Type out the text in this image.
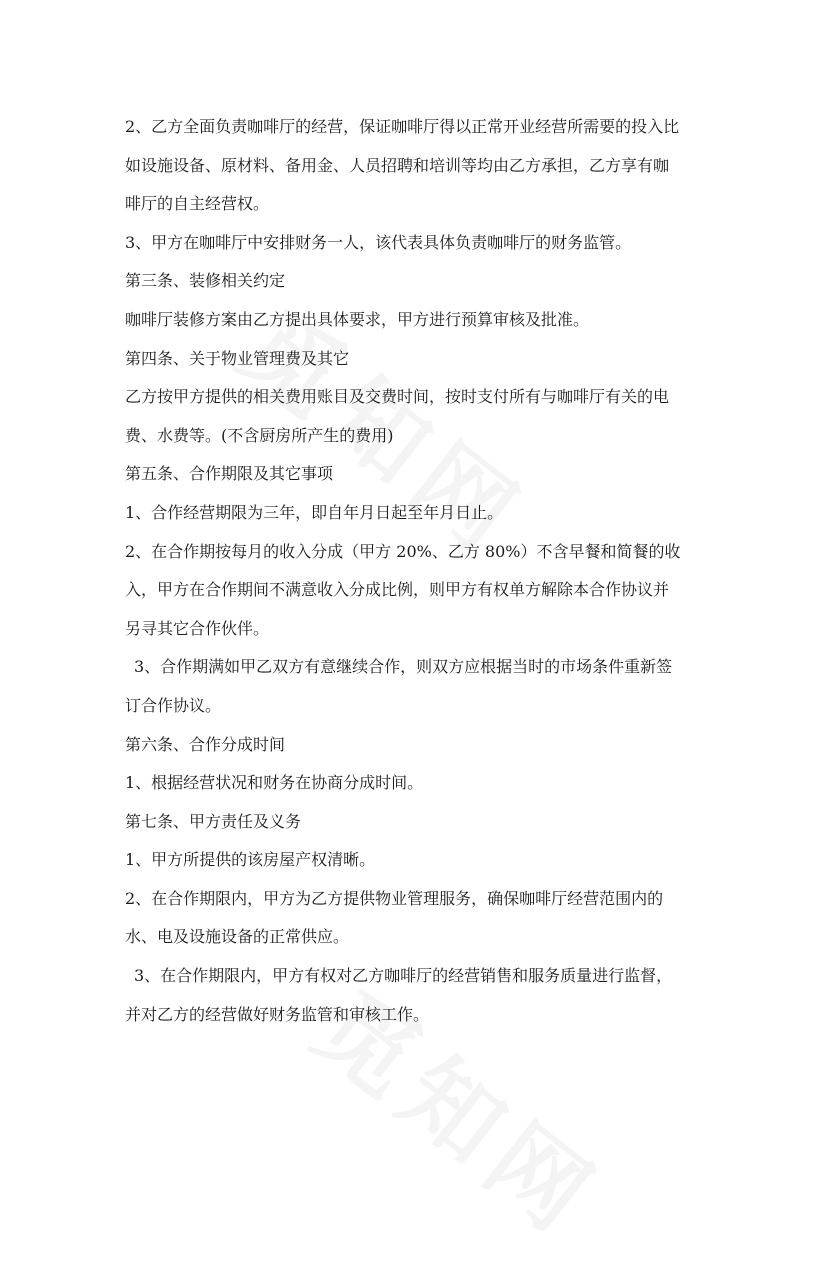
2、乙方全面负责咖啡厅的经营，保证咖啡厅得以正常开业经营所需要的投入比
如设施设备、原材料、备用金、人员招聘和培训等均由乙方承担，乙方享有咖
啡厅的自主经营权。
3、甲方在咖啡厅中安排财务一人，该代表具体负责咖啡厅的财务监管。
第三条、装修相关约定
咖啡厅装修方案由乙方提出具体要求，甲方进行预算审核及批准。
第四条、关于物业管理费及其它
乙方按甲方提供的相关费用账目及交费时间，按时支付所有与咖啡厅有关的电
费、水费等。(不含厨房所产生的费用)
第五条、合作期限及其它事项
1、合作经营期限为三年，即自年月日起至年月日止。
2、在合作期按每月的收入分成（甲方 20%、乙方 80%）不含早餐和简餐的收
入，甲方在合作期间不满意收入分成比例，则甲方有权单方解除本合作协议并
另寻其它合作伙伴。
3、合作期满如甲乙双方有意继续合作，则双方应根据当时的市场条件重新签
订合作协议。
第六条、合作分成时间
1、根据经营状况和财务在协商分成时间。
第七条、甲方责任及义务
1、甲方所提供的该房屋产权清晰。
2、在合作期限内，甲方为乙方提供物业管理服务，确保咖啡厅经营范围内的
水、电及设施设备的正常供应。
3、在合作期限内，甲方有权对乙方咖啡厅的经营销售和服务质量进行监督，
并对乙方的经营做好财务监管和审核工作。
